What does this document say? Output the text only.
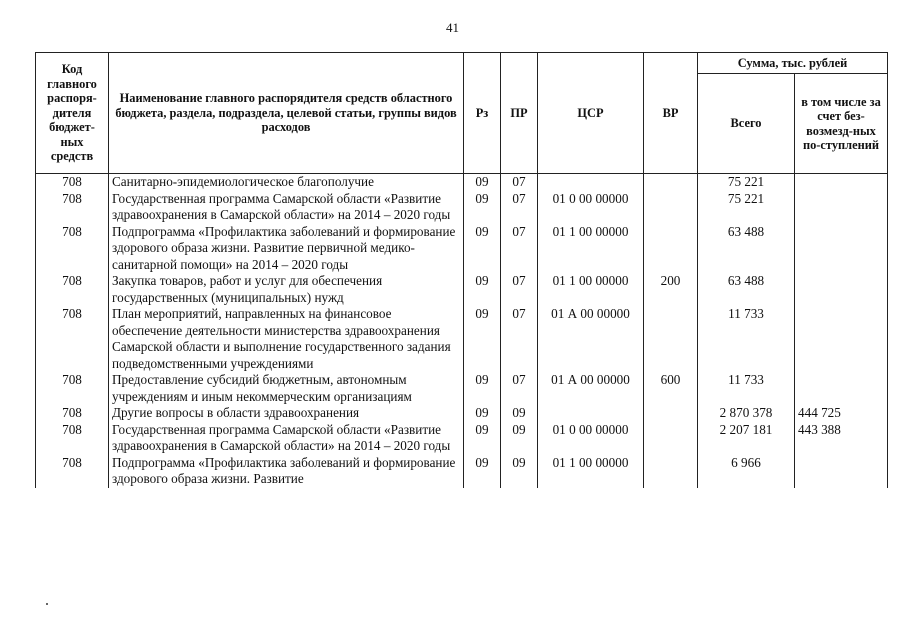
41
Код главного распоря-дителя бюджет-ных средств	Наименование главного распорядителя средств областного бюджета, раздела, подраздела, целевой статьи, группы видов расходов	Рз	ПР	ЦСР	ВР	Сумма, тыс. рублей	
						Всего	в том числе за счет без-возмезд-ных по-ступлений
708	Санитарно-эпидемиологическое благополучие	09	07			75 221	
708	Государственная программа Самарской области «Развитие здравоохранения в Самарской области» на 2014 – 2020 годы	09	07	01 0 00 00000		75 221	
708	Подпрограмма «Профилактика заболеваний и формирование здорового образа жизни. Развитие первичной медико-санитарной помощи» на 2014 – 2020 годы	09	07	01 1 00 00000		63 488	
708	Закупка товаров, работ и услуг для обеспечения государственных (муниципальных) нужд	09	07	01 1 00 00000	200	63 488	
708	План мероприятий, направленных на финансовое обеспечение деятельности министерства здравоохранения Самарской области и выполнение государственного задания подведомственными учреждениями	09	07	01 А 00 00000		11 733	
708	Предоставление субсидий бюджетным, автономным учреждениям и иным некоммерческим организациям	09	07	01 А 00 00000	600	11 733	
708	Другие вопросы в области здравоохранения	09	09			2 870 378	444 725
708	Государственная программа Самарской области «Развитие здравоохранения в Самарской области» на 2014 – 2020 годы	09	09	01 0 00 00000		2 207 181	443 388
708	Подпрограмма «Профилактика заболеваний и формирование здорового образа жизни. Развитие	09	09	01 1 00 00000		6 966	
